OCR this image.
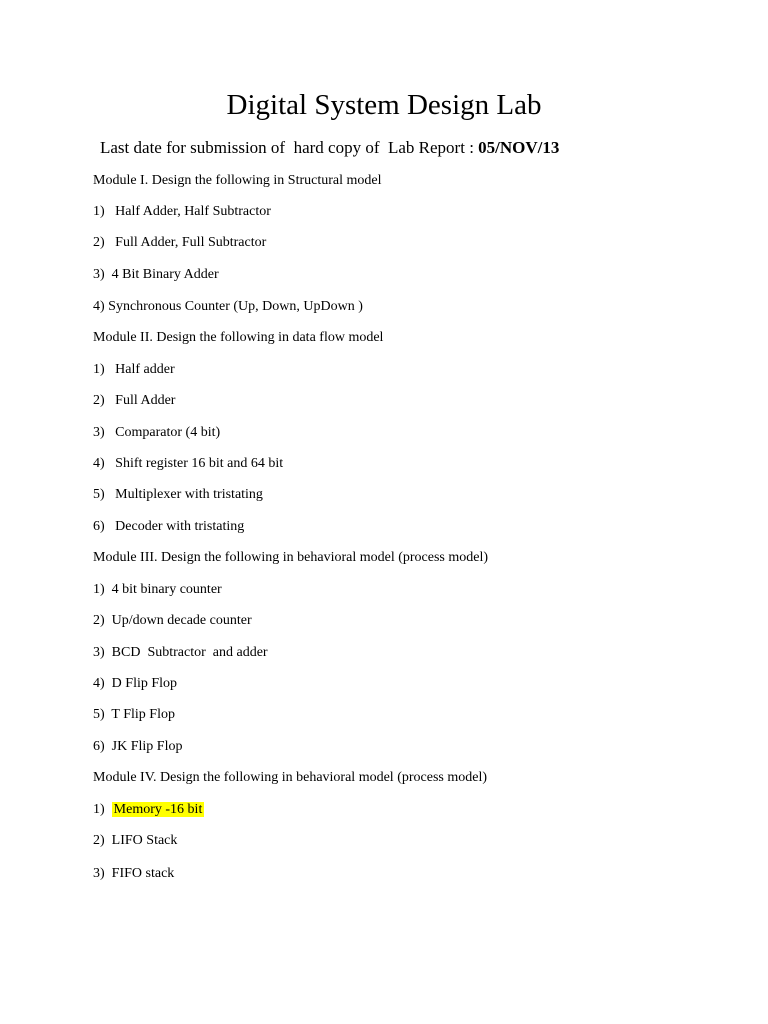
Digital System Design Lab
Last date for submission of  hard copy of  Lab Report : 05/NOV/13
Module I. Design the following in Structural model
1) Half Adder, Half Subtractor
2) Full Adder, Full Subtractor
3) 4 Bit Binary Adder
4) Synchronous Counter (Up, Down, UpDown )
Module II. Design the following in data flow model
1) Half adder
2) Full Adder
3) Comparator (4 bit)
4) Shift register 16 bit and 64 bit
5) Multiplexer with tristating
6) Decoder with tristating
Module III. Design the following in behavioral model (process model)
1) 4 bit binary counter
2) Up/down decade counter
3) BCD  Subtractor  and adder
4) D Flip Flop
5) T Flip Flop
6) JK Flip Flop
Module IV. Design the following in behavioral model (process model)
1) Memory -16 bit
2) LIFO Stack
3) FIFO stack
